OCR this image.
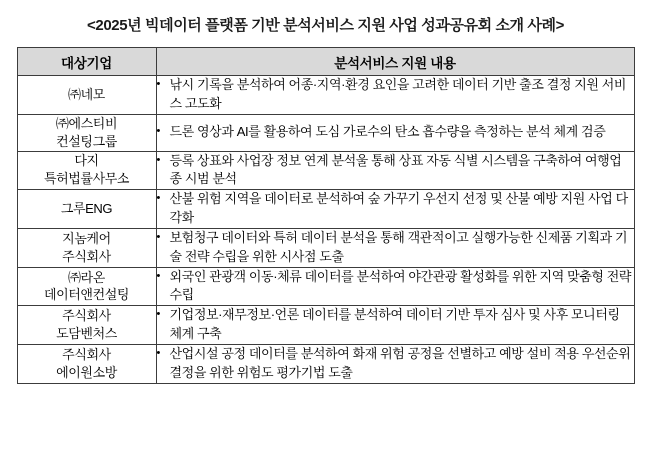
<2025년 빅데이터 플랫폼 기반 분석서비스 지원 사업 성과공유회 소개 사례>
대상기업	분석서비스 지원 내용

㈜네모	• 낚시 기록을 분석하여 어종·지역·환경 요인을 고려한 데이터 기반 출조 결정 지원 서비스 고도화

㈜에스티비
컨설팅그룹	• 드론 영상과 AI를 활용하여 도심 가로수의 탄소 흡수량을 측정하는 분석 체계 검증

다지
특허법률사무소	• 등록 상표와 사업장 정보 연계 분석울 통해 상표 자동 식별 시스템을 구축하여 여행업종 시범 분석

그루ENG	• 산불 위험 지역을 데이터로 분석하여 숲 가꾸기 우선지 선정 및 산불 예방 지원 사업 다각화

지놈케어
주식회사	• 보험청구 데이터와 특허 데이터 분석을 통해 객관적이고 실행가능한 신제품 기획과 기술 전략 수립을 위한 시사점 도출

㈜라온
데이터앤컨설팅	• 외국인 관광객 이동·체류 데이터를 분석하여 야간관광 활성화를 위한 지역 맞춤형 전략 수립

주식회사
도담벤처스	• 기업정보·재무정보·언론 데이터를 분석하여 데이터 기반 투자 심사 및 사후 모니터링 체계 구축

주식회사
에이원소방	• 산업시설 공정 데이터를 분석하여 화재 위험 공정을 선별하고 예방 설비 적용 우선순위 결정을 위한 위험도 평가기법 도출
